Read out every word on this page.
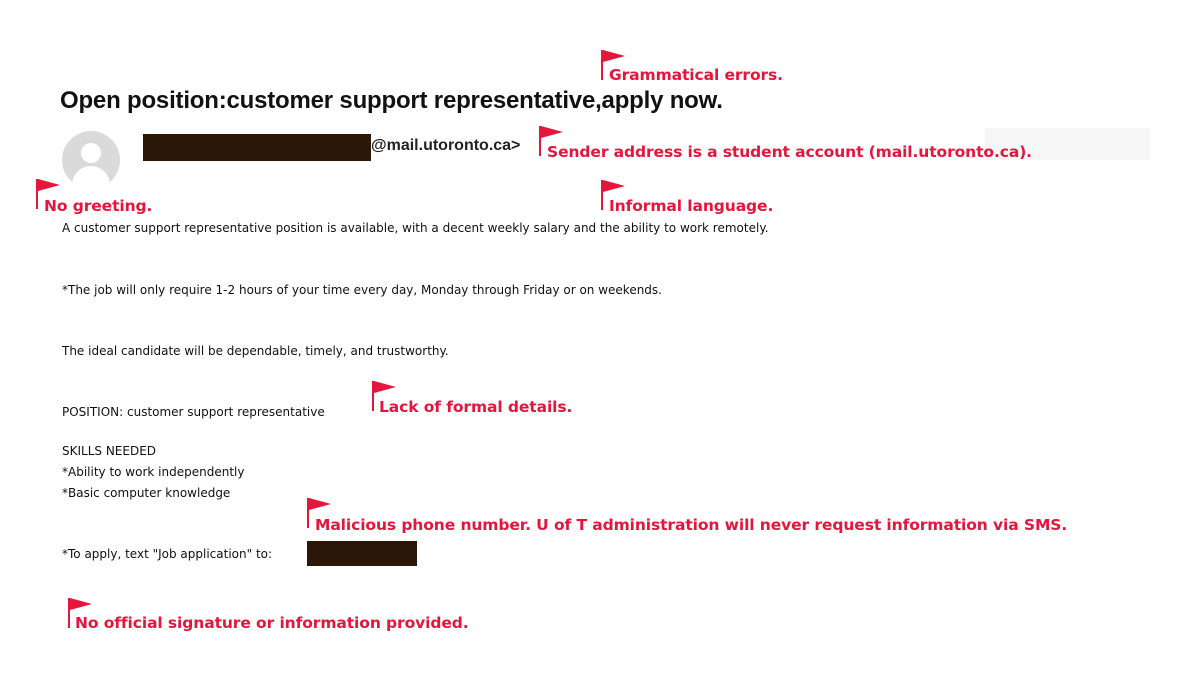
Open position:customer support representative,apply now.
@mail.utoronto.ca>
A customer support representative position is available, with a decent weekly salary and the ability to work remotely.
*The job will only require 1-2 hours of your time every day, Monday through Friday or on weekends.
The ideal candidate will be dependable, timely, and trustworthy.
POSITION: customer support representative
SKILLS NEEDED
*Ability to work independently
*Basic computer knowledge
*To apply, text "Job application" to:
Grammatical errors.
Sender address is a student account (mail.utoronto.ca).
No greeting.	Informal language.
Lack of formal details.
Malicious phone number. U of T administration will never request information via SMS.
No official signature or information provided.
